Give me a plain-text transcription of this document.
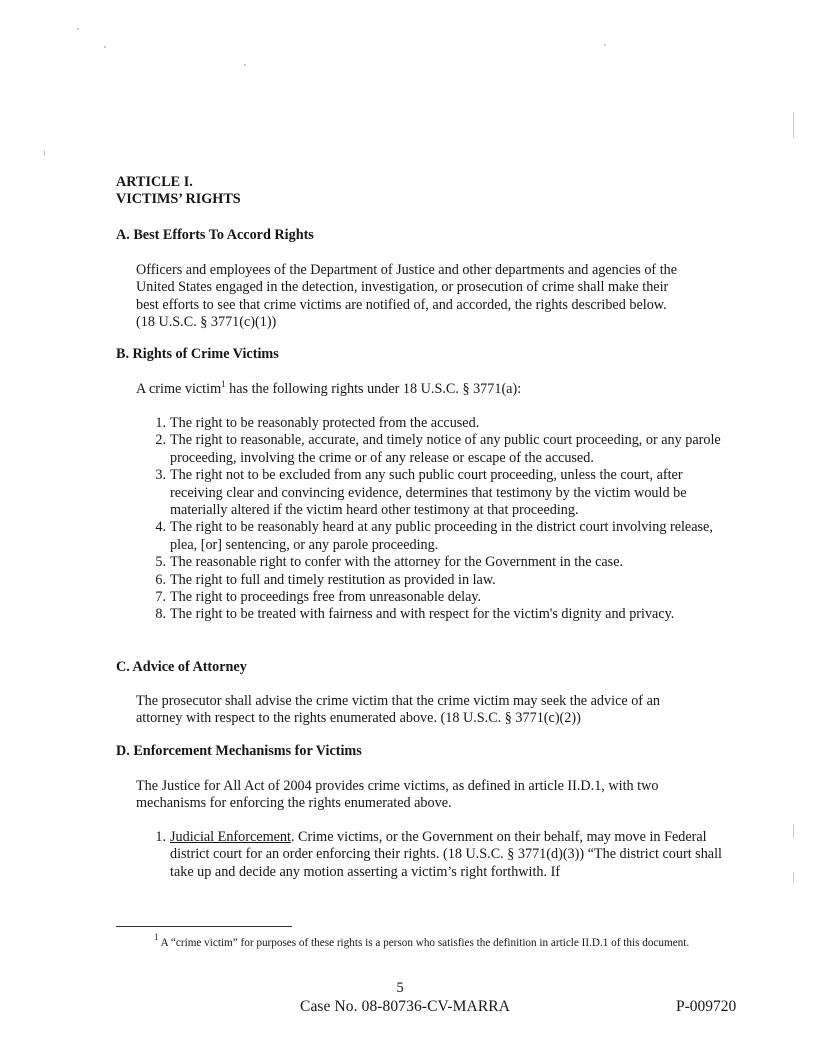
ARTICLE I.
VICTIMS’ RIGHTS
A. Best Efforts To Accord Rights
Officers and employees of the Department of Justice and other departments and agencies of the United States engaged in the detection, investigation, or prosecution of crime shall make their best efforts to see that crime victims are notified of, and accorded, the rights described below. (18 U.S.C. § 3771(c)(1))
B. Rights of Crime Victims
A crime victim$^1$ has the following rights under 18 U.S.C. § 3771(a):
1. The right to be reasonably protected from the accused.
2. The right to reasonable, accurate, and timely notice of any public court proceeding, or any parole proceeding, involving the crime or of any release or escape of the accused.
3. The right not to be excluded from any such public court proceeding, unless the court, after receiving clear and convincing evidence, determines that testimony by the victim would be materially altered if the victim heard other testimony at that proceeding.
4. The right to be reasonably heard at any public proceeding in the district court involving release, plea, [or] sentencing, or any parole proceeding.
5. The reasonable right to confer with the attorney for the Government in the case.
6. The right to full and timely restitution as provided in law.
7. The right to proceedings free from unreasonable delay.
8. The right to be treated with fairness and with respect for the victim's dignity and privacy.
C. Advice of Attorney
The prosecutor shall advise the crime victim that the crime victim may seek the advice of an attorney with respect to the rights enumerated above. (18 U.S.C. § 3771(c)(2))
D. Enforcement Mechanisms for Victims
The Justice for All Act of 2004 provides crime victims, as defined in article II.D.1, with two mechanisms for enforcing the rights enumerated above.
1. Judicial Enforcement. Crime victims, or the Government on their behalf, may move in Federal district court for an order enforcing their rights. (18 U.S.C. § 3771(d)(3)) “The district court shall take up and decide any motion asserting a victim’s right forthwith. If
$^1$ A “crime victim” for purposes of these rights is a person who satisfies the definition in article II.D.1 of this document.
5
Case No. 08-80736-CV-MARRA	P-009720
